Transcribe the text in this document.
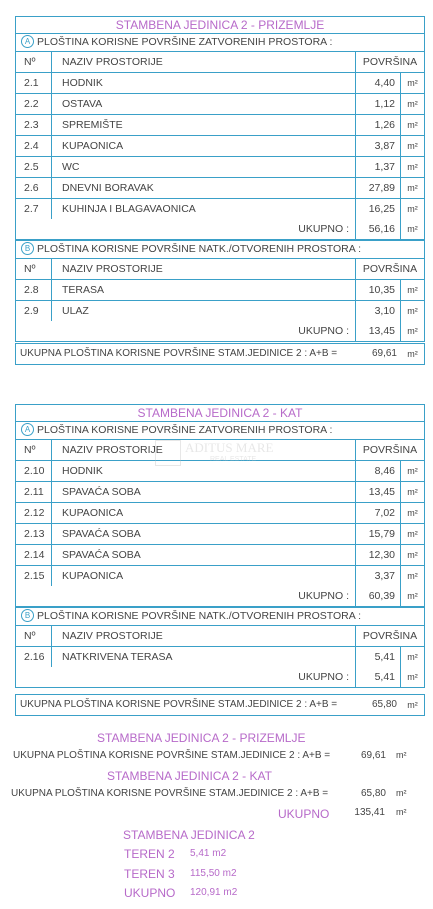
STAMBENA JEDINICA 2 - PRIZEMLJE
A PLOŠTINA KORISNE POVRŠINE ZATVORENIH PROSTORA :
Nº	NAZIV PROSTORIJE	POVRŠINA
2.1	HODNIK	4,40	m²
2.2	OSTAVA	1,12	m²
2.3	SPREMIŠTE	1,26	m²
2.4	KUPAONICA	3,87	m²
2.5	WC	1,37	m²
2.6	DNEVNI BORAVAK	27,89	m²
2.7	KUHINJA I BLAGAVAONICA	16,25	m²
UKUPNO :	56,16	m²
B PLOŠTINA KORISNE POVRŠINE NATK./OTVORENIH PROSTORA :
Nº	NAZIV PROSTORIJE	POVRŠINA
2.8	TERASA	10,35	m²
2.9	ULAZ	3,10	m²
UKUPNO :	13,45	m²
UKUPNA PLOŠTINA KORISNE POVRŠINE STAM.JEDINICE 2 : A+B =	69,61	m²
STAMBENA JEDINICA 2 - KAT
A PLOŠTINA KORISNE POVRŠINE ZATVORENIH PROSTORA :
Nº	NAZIV PROSTORIJE	POVRŠINA
2.10	HODNIK	8,46	m²
2.11	SPAVAĆA SOBA	13,45	m²
2.12	KUPAONICA	7,02	m²
2.13	SPAVAĆA SOBA	15,79	m²
2.14	SPAVAĆA SOBA	12,30	m²
2.15	KUPAONICA	3,37	m²
UKUPNO :	60,39	m²
B PLOŠTINA KORISNE POVRŠINE NATK./OTVORENIH PROSTORA :
Nº	NAZIV PROSTORIJE	POVRŠINA
2.16	NATKRIVENA TERASA	5,41	m²
UKUPNO :	5,41	m²
UKUPNA PLOŠTINA KORISNE POVRŠINE STAM.JEDINICE 2 : A+B =	65,80	m²
ADITUS MARE
REAL ESTATE
STAMBENA JEDINICA 2 - PRIZEMLJE
UKUPNA PLOŠTINA KORISNE POVRŠINE STAM.JEDINICE 2 : A+B =	69,61 m²
STAMBENA JEDINICA 2 - KAT
UKUPNA PLOŠTINA KORISNE POVRŠINE STAM.JEDINICE 2 : A+B =	65,80 m²
UKUPNO	135,41 m²
STAMBENA JEDINICA 2
TEREN 2 5,41 m2
TEREN 3 115,50 m2
UKUPNO 120,91 m2
